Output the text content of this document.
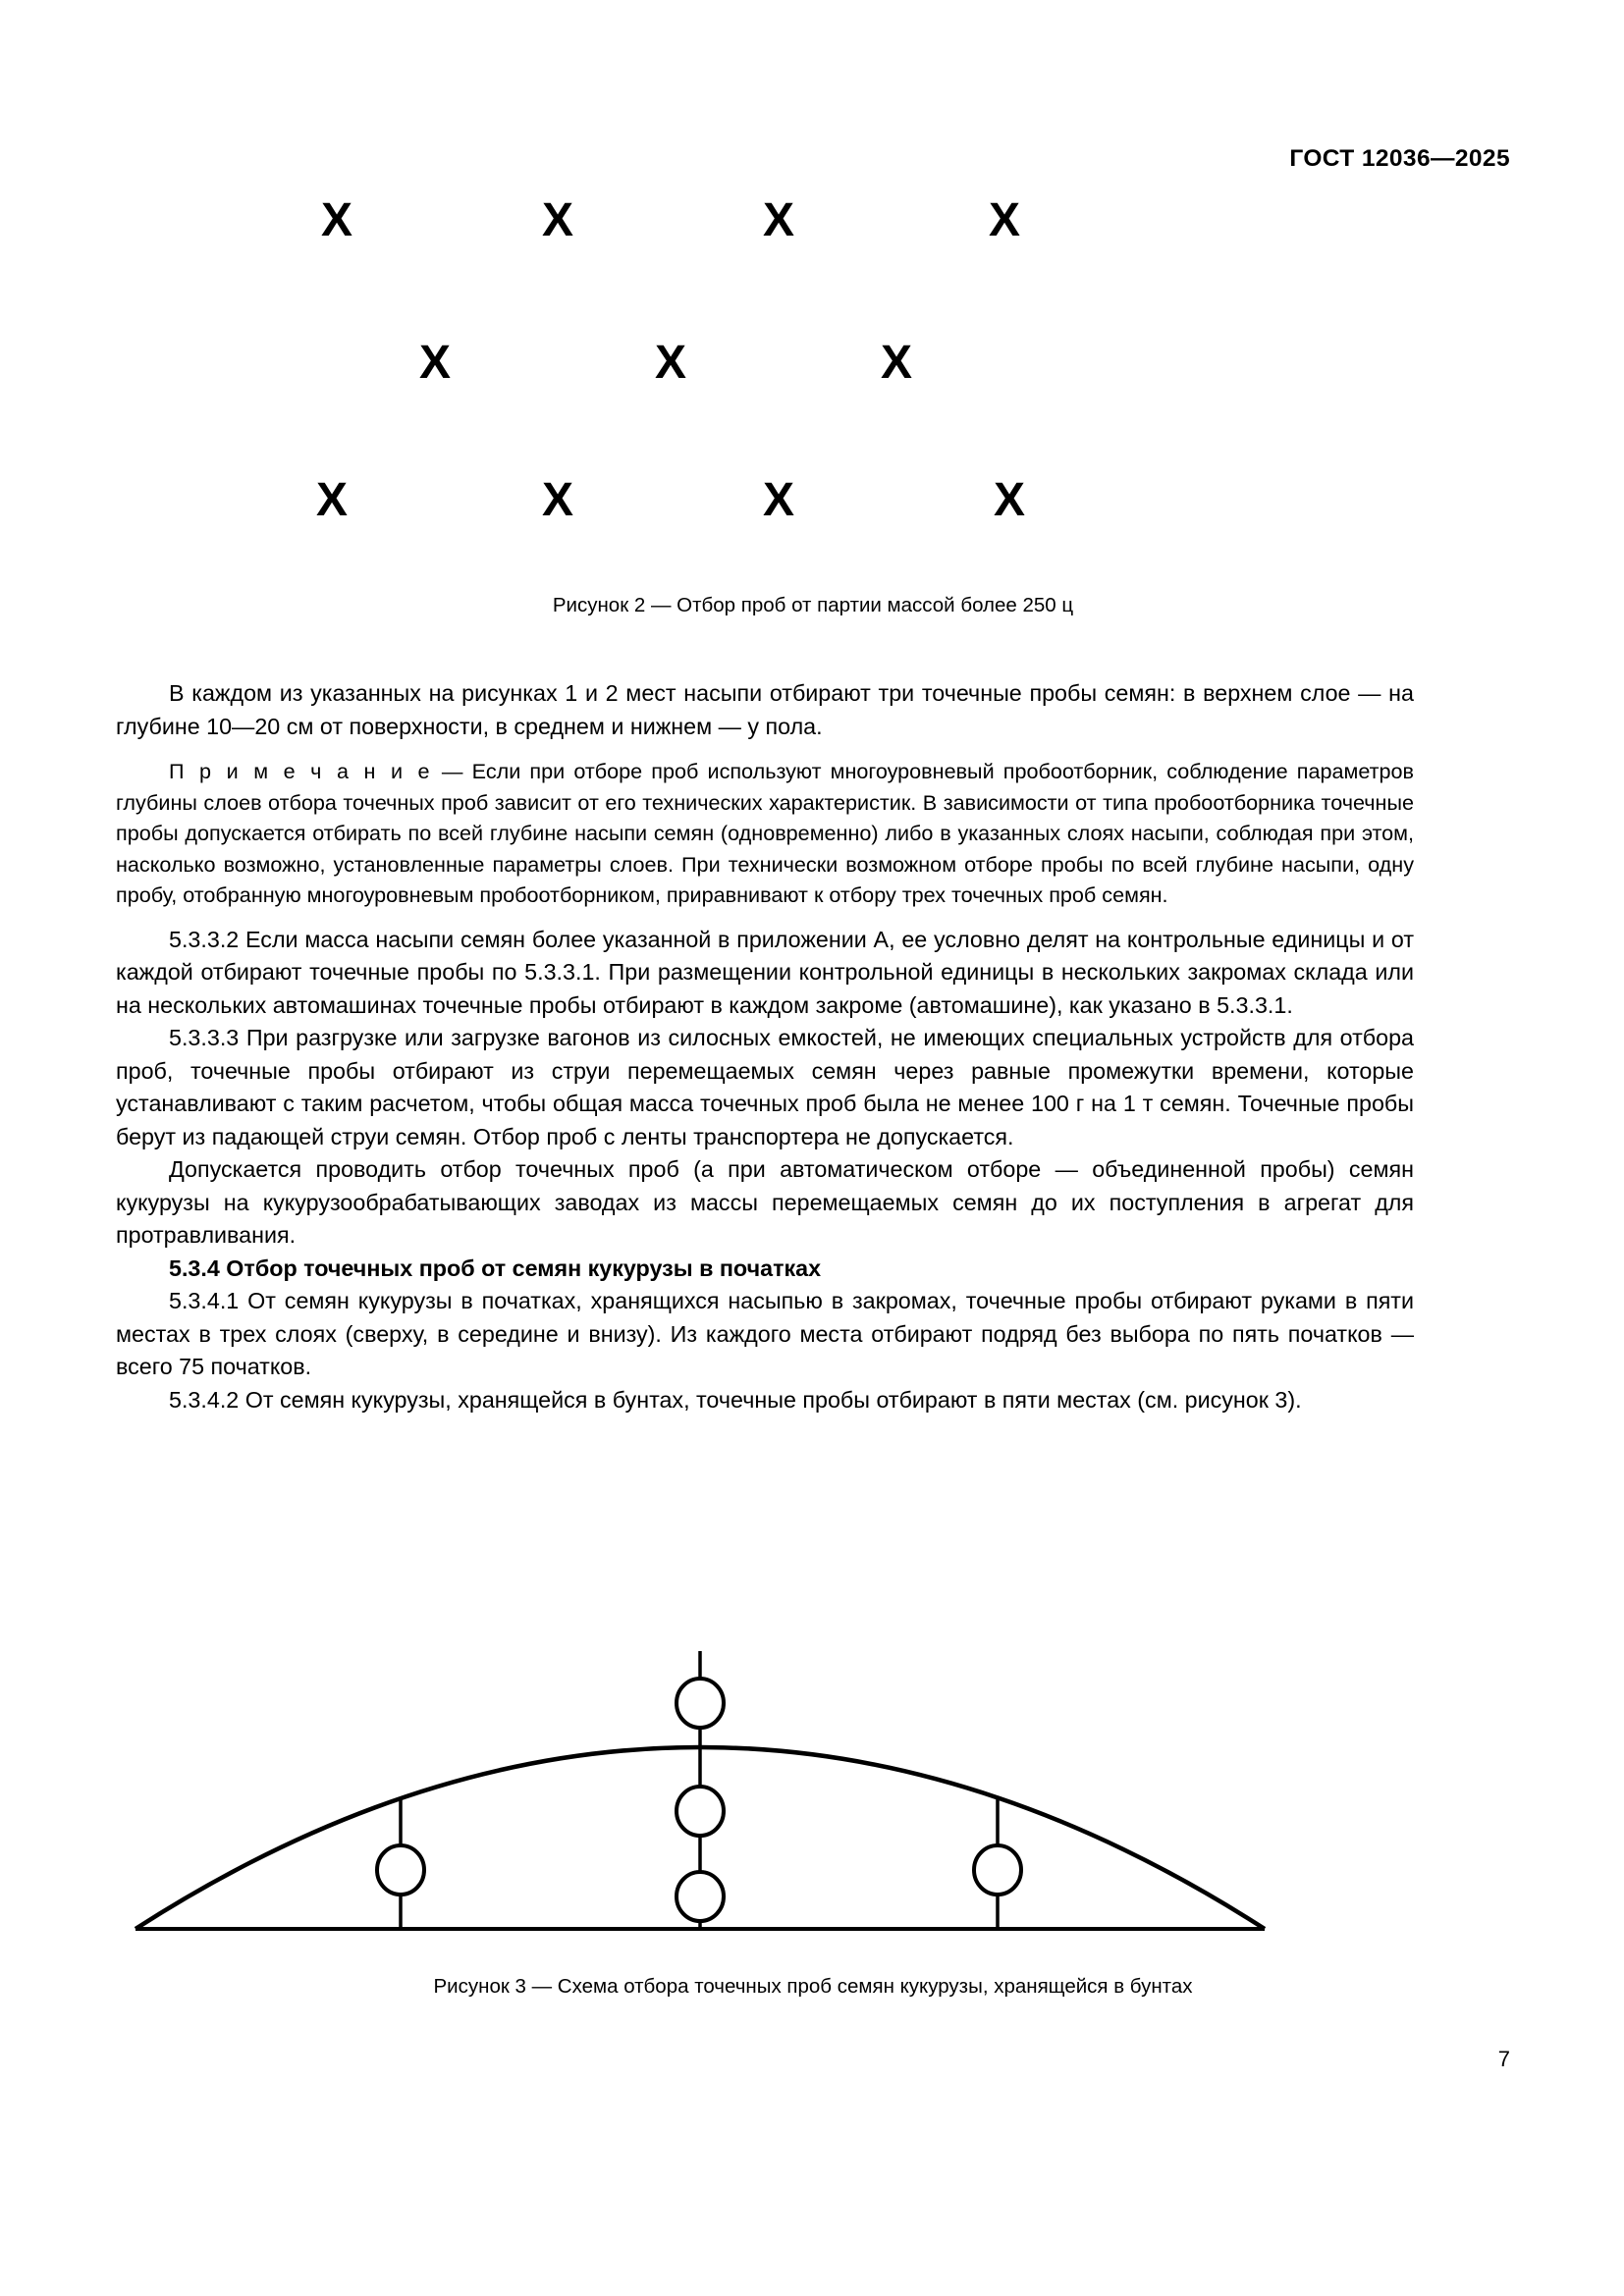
ГОСТ 12036—2025
X	X	X	X
X	X	X
X	X	X	X
Рисунок 2 — Отбор проб от партии массой более 250 ц

В каждом из указанных на рисунках 1 и 2 мест насыпи отбирают три точечные пробы семян: в верхнем слое — на глубине 10—20 см от поверхности, в среднем и нижнем — у пола.

П р и м е ч а н и е — Если при отборе проб используют многоуровневый пробоотборник, соблюдение параметров глубины слоев отбора точечных проб зависит от его технических характеристик. В зависимости от типа пробоотборника точечные пробы допускается отбирать по всей глубине насыпи семян (одновременно) либо в указанных слоях насыпи, соблюдая при этом, насколько возможно, установленные параметры слоев. При технически возможном отборе пробы по всей глубине насыпи, одну пробу, отобранную многоуровневым пробоотборником, приравнивают к отбору трех точечных проб семян.

5.3.3.2 Если масса насыпи семян более указанной в приложении А, ее условно делят на контрольные единицы и от каждой отбирают точечные пробы по 5.3.3.1. При размещении контрольной единицы в нескольких закромах склада или на нескольких автомашинах точечные пробы отбирают в каждом закроме (автомашине), как указано в 5.3.3.1.

5.3.3.3 При разгрузке или загрузке вагонов из силосных емкостей, не имеющих специальных устройств для отбора проб, точечные пробы отбирают из струи перемещаемых семян через равные промежутки времени, которые устанавливают с таким расчетом, чтобы общая масса точечных проб была не менее 100 г на 1 т семян. Точечные пробы берут из падающей струи семян. Отбор проб с ленты транспортера не допускается.

Допускается проводить отбор точечных проб (а при автоматическом отборе — объединенной пробы) семян кукурузы на кукурузообрабатывающих заводах из массы перемещаемых семян до их поступления в агрегат для протравливания.

5.3.4 Отбор точечных проб от семян кукурузы в початках

5.3.4.1 От семян кукурузы в початках, хранящихся насыпью в закромах, точечные пробы отбирают руками в пяти местах в трех слоях (сверху, в середине и внизу). Из каждого места отбирают подряд без выбора по пять початков — всего 75 початков.

5.3.4.2 От семян кукурузы, хранящейся в бунтах, точечные пробы отбирают в пяти местах (см. рисунок 3).

Рисунок 3 — Схема отбора точечных проб семян кукурузы, хранящейся в бунтах
7
